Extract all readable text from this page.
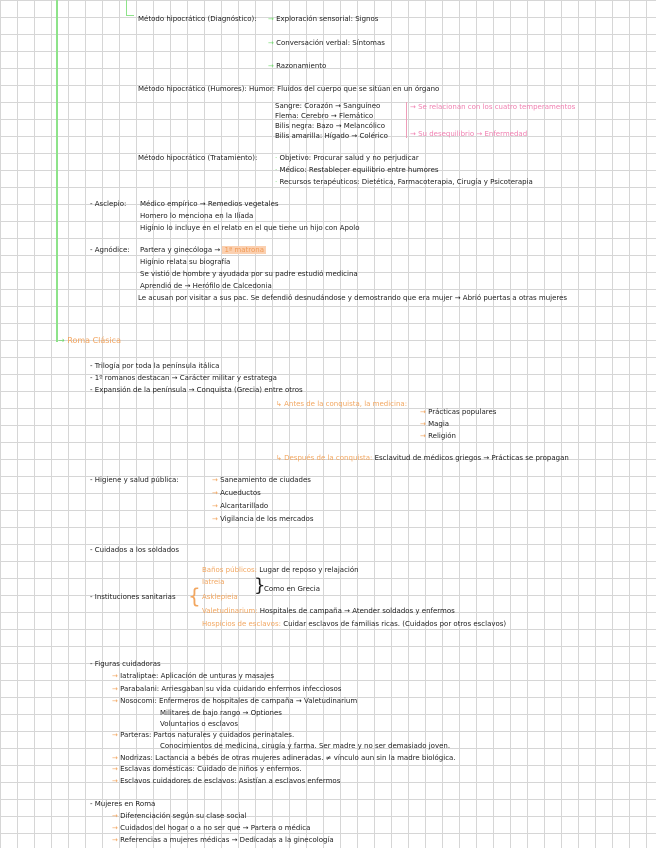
Método hipocrático (Diagnóstico): → Exploración sensorial: Signos
→ Conversación verbal: Síntomas
→ Razonamiento
Método hipocrático (Humores): Humor: Fluidos del cuerpo que se sitúan en un órgano
Sangre: Corazón → Sanguíneo
Flema: Cerebro → Flemático
Bilis negra: Bazo → Melancólico
Bilis amarilla: Hígado → Colérico
→ Se relacionan con los cuatro temperamentos
→ Su desequilibrio → Enfermedad
Método hipocrático (Tratamiento):	· Objetivo: Procurar salud y no perjudicar
· Médico: Restablecer equilibrio entre humores
· Recursos terapéuticos: Dietética, Farmacoterapia, Cirugía y Psicoterapia
- Asclepio: Médico empírico → Remedios vegetales
Homero lo menciona en la Ilíada
Higinio lo incluye en el relato en el que tiene un hijo con Apolo
- Agnódice: Partera y ginecóloga → 1ª matrona
Higinio relata su biografía
Se vistió de hombre y ayudada por su padre estudió medicina
Aprendió de → Herófilo de Calcedonia
Le acusan por visitar a sus pac. Se defendió desnudándose y demostrando que era mujer → Abrió puertas a otras mujeres
→ Roma Clásica
- Trilogía por toda la península itálica
- 1º romanos destacan → Carácter militar y estratega
- Expansión de la península → Conquista (Grecia) entre otros
↳ Antes de la conquista, la medicina:
→ Prácticas populares
→ Magia
→ Religión
↳ Después de la conquista: Esclavitud de médicos griegos → Prácticas se propagan
- Higiene y salud pública:	→ Saneamiento de ciudades
→ Acueductos
→ Alcantarillado
→ Vigilancia de los mercados
- Cuidados a los soldados
- Instituciones sanitarias {
Baños públicos: Lugar de reposo y relajación
Iatreia
Asklepieia
}
Como en Grecia
Valetudinarium: Hospitales de campaña → Atender soldados y enfermos
Hospicios de esclavos: Cuidar esclavos de familias ricas. (Cuidados por otros esclavos)
- Figuras cuidadoras
→ Iatraliptae: Aplicación de unturas y masajes
→ Parabalani: Arriesgaban su vida cuidando enfermos infecciosos
→ Nosocomi: Enfermeros de hospitales de campaña → Valetudinarium
Militares de bajo rango → Optiones
Voluntarios o esclavos
→ Parteras: Partos naturales y cuidados perinatales.
Conocimientos de medicina, cirugía y farma. Ser madre y no ser demasiado joven.
→ Nodrizas: Lactancia a bebés de otras mujeres adineradas. ≠ vínculo aun sin la madre biológica.
→ Esclavas domésticas: Cuidado de niños y enfermos.
→ Esclavos cuidadores de esclavos: Asistían a esclavos enfermos
- Mujeres en Roma
→ Diferenciación según su clase social
→ Cuidados del hogar o a no ser que → Partera o médica
→ Referencias a mujeres médicas → Dedicadas a la ginecología
